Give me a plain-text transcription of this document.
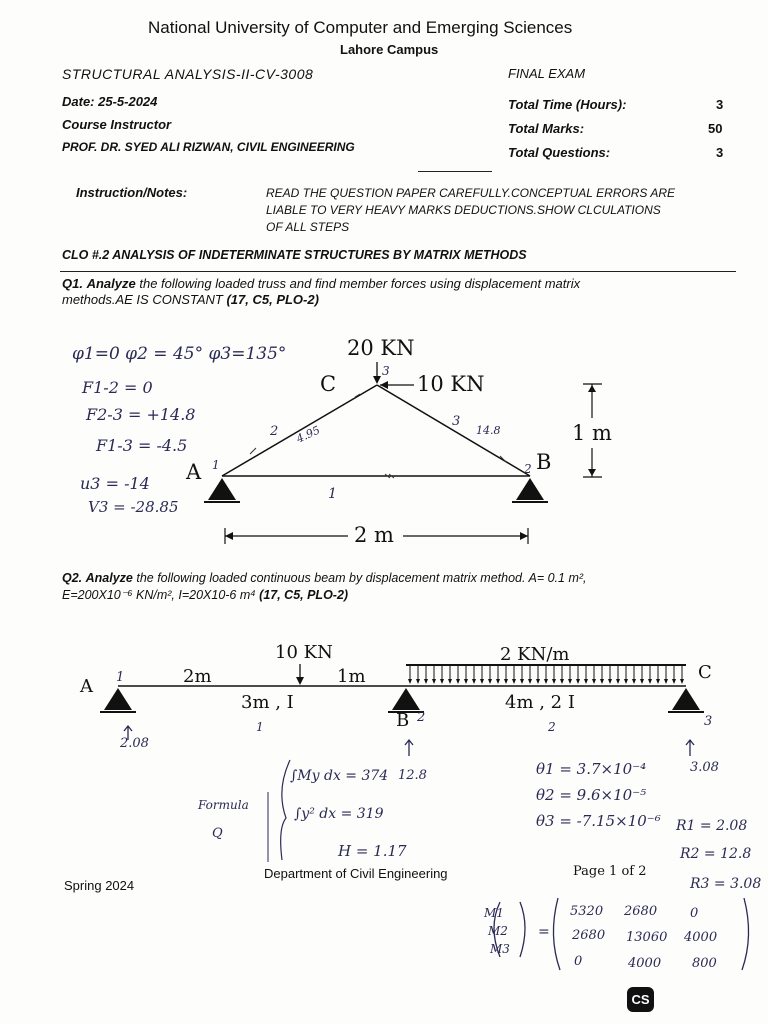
National University of Computer and Emerging Sciences
Lahore Campus
STRUCTURAL ANALYSIS-II-CV-3008	FINAL EXAM
Date: 25-5-2024
Course Instructor
PROF. DR. SYED ALI RIZWAN, CIVIL ENGINEERING
Total Time (Hours):	3
Total Marks:	50
Total Questions:	3
Instruction/Notes:	READ THE QUESTION PAPER CAREFULLY.CONCEPTUAL ERRORS ARE
LIABLE TO VERY HEAVY MARKS DEDUCTIONS.SHOW CLCULATIONS
OF ALL STEPS
CLO #.2 ANALYSIS OF INDETERMINATE STRUCTURES BY MATRIX METHODS
Q1. Analyze the following loaded truss and find member forces using displacement matrix
methods.AE IS CONSTANT (17, C5, PLO-2)
20 KN
10 KN
C
A	B
1 m
2 m
1
2
3
1	2
3
φ1=0 φ2 = 45° φ3=135°
F1-2 = 0
F2-3 = +14.8
F1-3 = -4.5
u3 = -14
V3 = -28.85
4.95	14.8
Q2. Analyze the following loaded continuous beam by displacement matrix method. A= 0.1 m²,
E=200X10⁻⁶ KN/m², I=20X10-6 m⁴ (17, C5, PLO-2)
10 KN	2 KN/m
2m	1m
3m , I	4m , 2 I
A
B
C
1	2
1
2	3
2.08
12.8
3.08
∫My dx = 374
∫y² dx = 319
H = 1.17
Formula
Q
θ1 = 3.7×10⁻⁴
θ2 = 9.6×10⁻⁵
θ3 = -7.15×10⁻⁶ R1 = 2.08
R2 = 12.8
R3 = 3.08
M1
M2
M3
=
5320 2680	0
2680 13060 4000
0	4000 800
Spring 2024
Department of Civil Engineering	Page 1 of 2
CS
